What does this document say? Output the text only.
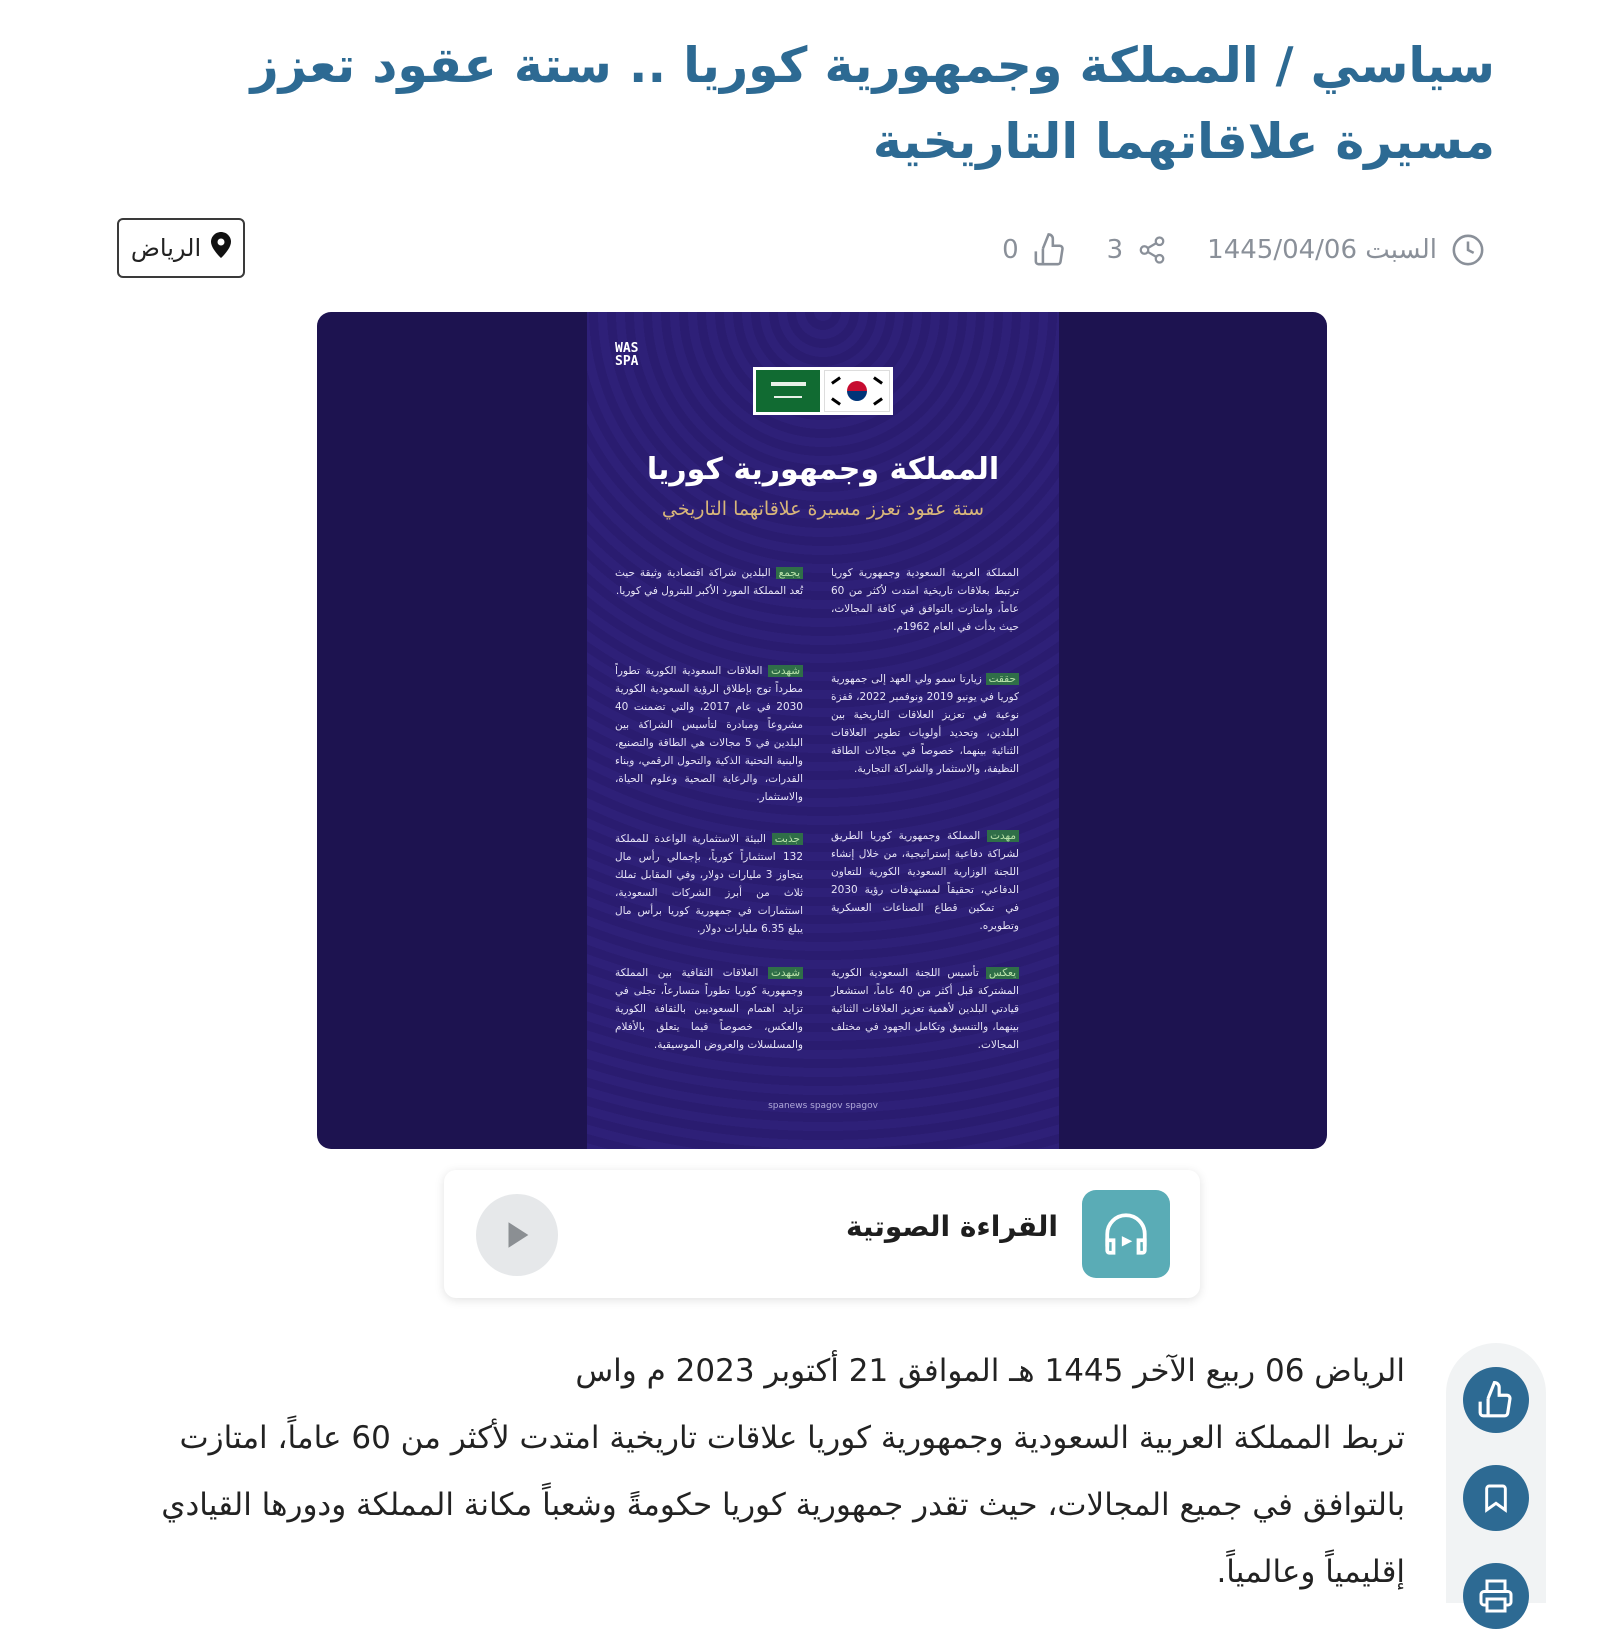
سياسي / المملكة وجمهورية كوريا .. ستة عقود تعزز مسيرة علاقاتهما التاريخية
السبت 1445/04/06
3
0
الرياض
WAS
SPA
المملكة وجمهورية كوريا
ستة عقود تعزز مسيرة علاقاتهما التاريخي
المملكة العربية السعودية وجمهورية كوريا ترتبط بعلاقات تاريخية امتدت لأكثر من 60 عاماً، وامتازت بالتوافق في كافة المجالات، حيث بدأت في العام 1962م.
يجمع البلدين شراكة اقتصادية وثيقة حيث تُعد المملكة المورد الأكبر للبترول في كوريا.
حققت زيارتا سمو ولي العهد إلى جمهورية كوريا في يونيو 2019 ونوفمبر 2022، قفزة نوعية في تعزيز العلاقات التاريخية بين البلدين، وتحديد أولويات تطوير العلاقات الثنائية بينهما، خصوصاً في مجالات الطاقة النظيفة، والاستثمار والشراكة التجارية.
شهدت العلاقات السعودية الكورية تطوراً مطرداً توج بإطلاق الرؤية السعودية الكورية 2030 في عام 2017، والتي تضمنت 40 مشروعاً ومبادرة لتأسيس الشراكة بين البلدين في 5 مجالات هي الطاقة والتصنيع، والبنية التحتية الذكية والتحول الرقمي، وبناء القدرات، والرعاية الصحية وعلوم الحياة، والاستثمار.
مهدت المملكة وجمهورية كوريا الطريق لشراكة دفاعية إستراتيجية، من خلال إنشاء اللجنة الوزارية السعودية الكورية للتعاون الدفاعي، تحقيقاً لمستهدفات رؤية 2030 في تمكين قطاع الصناعات العسكرية وتطويره.
جذبت البيئة الاستثمارية الواعدة للمملكة 132 استثماراً كورياً، بإجمالي رأس مال يتجاوز 3 مليارات دولار، وفي المقابل تملك ثلاث من أبرز الشركات السعودية، استثمارات في جمهورية كوريا برأس مال يبلغ 6.35 مليارات دولار.
يعكس تأسيس اللجنة السعودية الكورية المشتركة قبل أكثر من 40 عاماً، استشعار قيادتي البلدين لأهمية تعزيز العلاقات الثنائية بينهما، والتنسيق وتكامل الجهود في مختلف المجالات.
شهدت العلاقات الثقافية بين المملكة وجمهورية كوريا تطوراً متسارعاً، تجلى في تزايد اهتمام السعوديين بالثقافة الكورية والعكس، خصوصاً فيما يتعلق بالأفلام والمسلسلات والعروض الموسيقية.
spanews spagov spagov
القراءة الصوتية

الرياض 06 ربيع الآخر 1445 هـ الموافق 21 أكتوبر 2023 م واس

تربط المملكة العربية السعودية وجمهورية كوريا علاقات تاريخية امتدت لأكثر من 60 عاماً، امتازت بالتوافق في جميع المجالات، حيث تقدر جمهورية كوريا حكومةً وشعباً مكانة المملكة ودورها القيادي إقليمياً وعالمياً.
